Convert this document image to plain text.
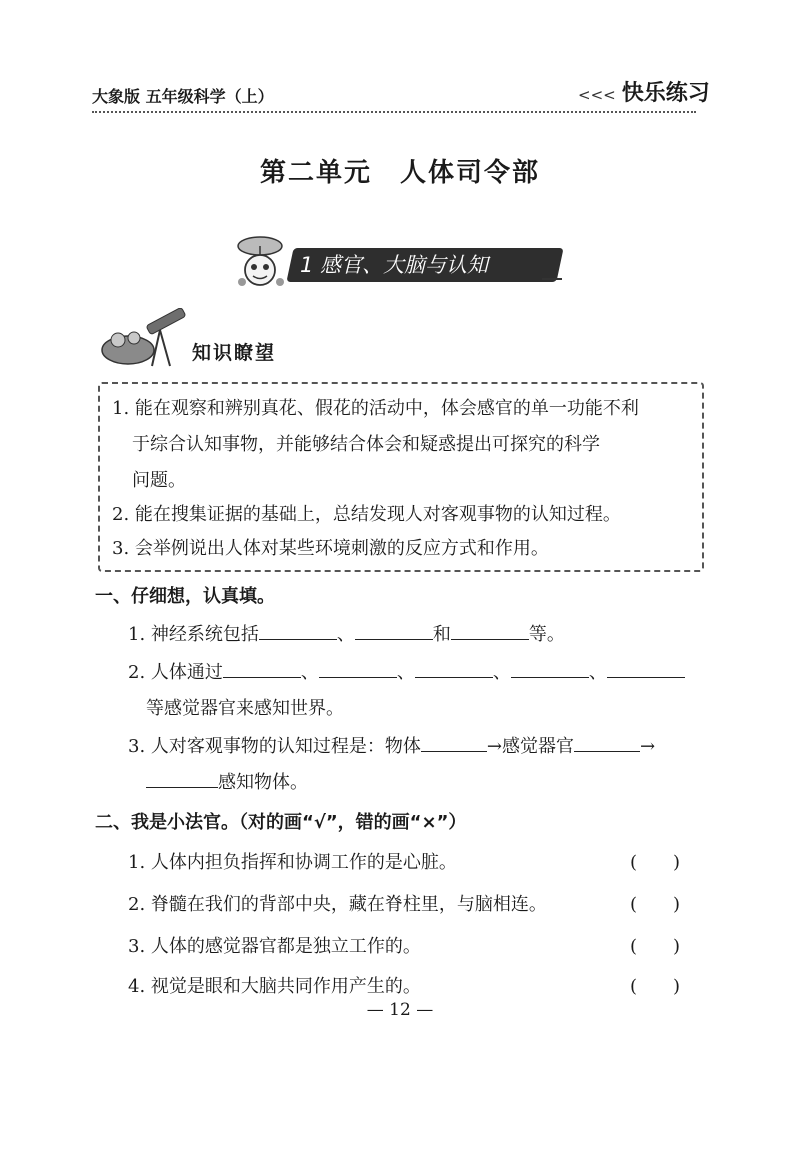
大象版 五年级科学（上）	<<< 快乐练习
第二单元　人体司令部
1 感官、大脑与认知
知识瞭望
1. 能在观察和辨别真花、假花的活动中，体会感官的单一功能不利
于综合认知事物，并能够结合体会和疑惑提出可探究的科学
问题。
2. 能在搜集证据的基础上，总结发现人对客观事物的认知过程。
3. 会举例说出人体对某些环境刺激的反应方式和作用。
一、仔细想，认真填。
1. 神经系统包括	、	和	等。
2. 人体通过	、	、	、	、
等感觉器官来感知世界。
3. 人对客观事物的认知过程是：物体	→感觉器官	→
感知物体。
二、我是小法官。（对的画“√”，错的画“×”）
1. 人体内担负指挥和协调工作的是心脏。	(　　)
2. 脊髓在我们的背部中央，藏在脊柱里，与脑相连。	(　　)
3. 人体的感觉器官都是独立工作的。	(　　)
4. 视觉是眼和大脑共同作用产生的。	(　　)
— 12 —
